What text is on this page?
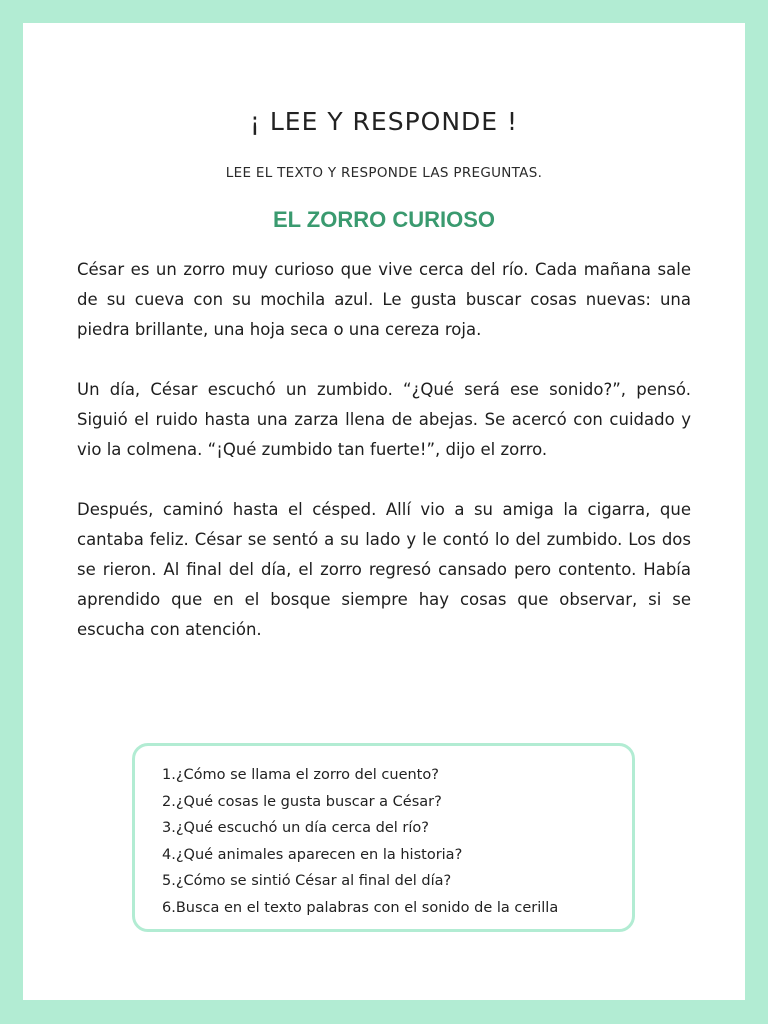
¡ LEE Y RESPONDE !
LEE EL TEXTO Y RESPONDE LAS PREGUNTAS.
EL ZORRO CURIOSO

César es un zorro muy curioso que vive cerca del río. Cada mañana sale de su cueva con su mochila azul. Le gusta buscar cosas nuevas: una piedra brillante, una hoja seca o una cereza roja.

Un día, César escuchó un zumbido. “¿Qué será ese sonido?”, pensó. Siguió el ruido hasta una zarza llena de abejas. Se acercó con cuidado y vio la colmena. “¡Qué zumbido tan fuerte!”, dijo el zorro.

Después, caminó hasta el césped. Allí vio a su amiga la cigarra, que cantaba feliz. César se sentó a su lado y le contó lo del zumbido. Los dos se rieron. Al final del día, el zorro regresó cansado pero contento. Había aprendido que en el bosque siempre hay cosas que observar, si se escucha con atención.

1.¿Cómo se llama el zorro del cuento?
2.¿Qué cosas le gusta buscar a César?
3.¿Qué escuchó un día cerca del río?
4.¿Qué animales aparecen en la historia?
5.¿Cómo se sintió César al final del día?
6.Busca en el texto palabras con el sonido de la cerilla
